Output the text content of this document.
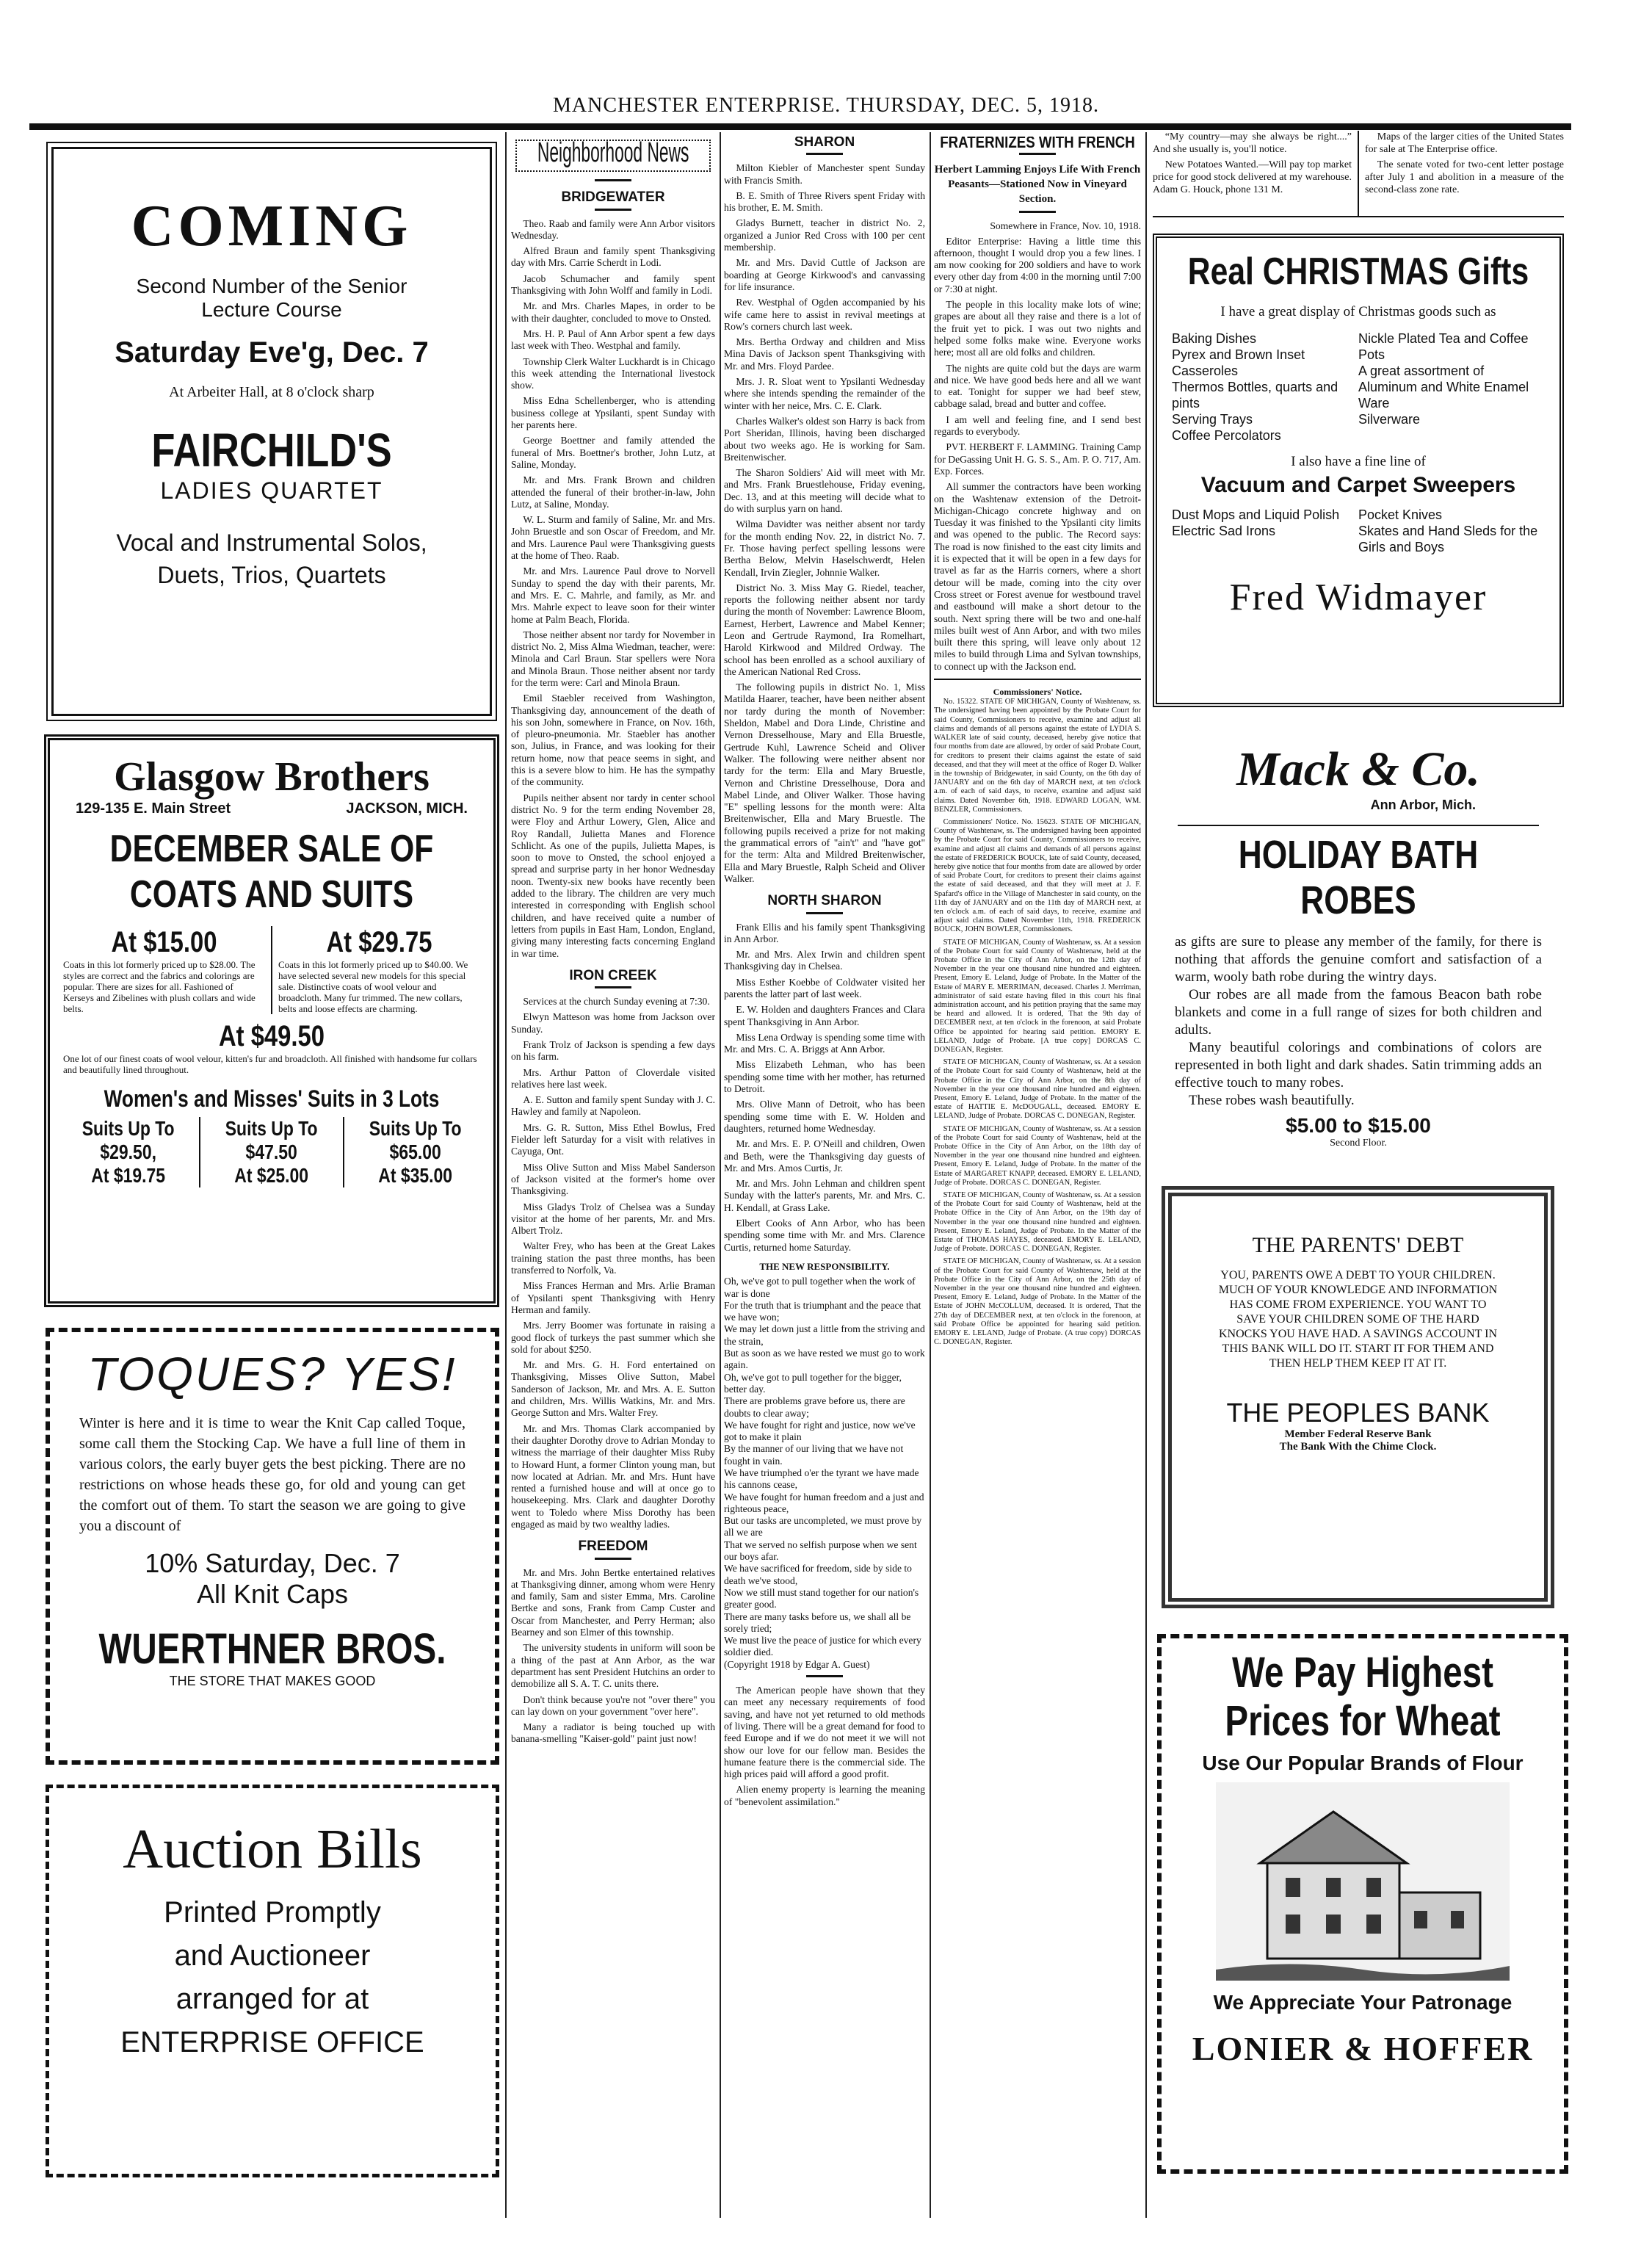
MANCHESTER ENTERPRISE. THURSDAY, DEC. 5, 1918.
COMING
Second Number of the Senior Lecture Course
Saturday Eve'g, Dec. 7
At Arbeiter Hall, at 8 o'clock sharp
FAIRCHILD'S
LADIES QUARTET
Vocal and Instrumental Solos, Duets, Trios, Quartets
Glasgow Brothers
129-135 E. Main Street	JACKSON, MICH.
DECEMBER SALE OF COATS AND SUITS
At $15.00
Coats in this lot formerly priced up to $28.00. The styles are correct and the fabrics and colorings are popular. There are sizes for all. Fashioned of Kerseys and Zibelines with plush collars and wide belts.
At $29.75
Coats in this lot formerly priced up to $40.00. We have selected several new models for this special sale. Distinctive coats of wool velour and broadcloth. Many fur trimmed. The new collars, belts and loose effects are charming.
At $49.50
One lot of our finest coats of wool velour, kitten's fur and broadcloth. All finished with handsome fur collars and beautifully lined throughout.
Women's and Misses' Suits in 3 Lots
Suits Up To
$29.50,
At $19.75
Suits Up To
$47.50
At $25.00
Suits Up To
$65.00
At $35.00
TOQUES? YES!
Winter is here and it is time to wear the Knit Cap called Toque, some call them the Stocking Cap. We have a full line of them in various colors, the early buyer gets the best picking. There are no restrictions on whose heads these go, for old and young can get the comfort out of them. To start the season we are going to give you a discount of
10% Saturday, Dec. 7
All Knit Caps
WUERTHNER BROS.
THE STORE THAT MAKES GOOD
Auction Bills
Printed Promptly
and Auctioneer
arranged for at
ENTERPRISE OFFICE
Neighborhood News
BRIDGEWATER

Theo. Raab and family were Ann Arbor visitors Wednesday.

Alfred Braun and family spent Thanksgiving day with Mrs. Carrie Scherdt in Lodi.

Jacob Schumacher and family spent Thanksgiving with John Wolff and family in Lodi.

Mr. and Mrs. Charles Mapes, in order to be with their daughter, concluded to move to Onsted.

Mrs. H. P. Paul of Ann Arbor spent a few days last week with Theo. Westphal and family.

Township Clerk Walter Luckhardt is in Chicago this week attending the International livestock show.

Miss Edna Schellenberger, who is attending business college at Ypsilanti, spent Sunday with her parents here.

George Boettner and family attended the funeral of Mrs. Boettner's brother, John Lutz, at Saline, Monday.

Mr. and Mrs. Frank Brown and children attended the funeral of their brother-in-law, John Lutz, at Saline, Monday.

W. L. Sturm and family of Saline, Mr. and Mrs. John Bruestle and son Oscar of Freedom, and Mr. and Mrs. Laurence Paul were Thanksgiving guests at the home of Theo. Raab.

Mr. and Mrs. Laurence Paul drove to Norvell Sunday to spend the day with their parents, Mr. and Mrs. E. C. Mahrle, and family, as Mr. and Mrs. Mahrle expect to leave soon for their winter home at Palm Beach, Florida.

Those neither absent nor tardy for November in district No. 2, Miss Alma Wiedman, teacher, were: Minola and Carl Braun. Star spellers were Nora and Minola Braun. Those neither absent nor tardy for the term were: Carl and Minola Braun.

Emil Staebler received from Washington, Thanksgiving day, announcement of the death of his son John, somewhere in France, on Nov. 16th, of pleuro-pneumonia. Mr. Staebler has another son, Julius, in France, and was looking for their return home, now that peace seems in sight, and this is a severe blow to him. He has the sympathy of the community.

Pupils neither absent nor tardy in center school district No. 9 for the term ending November 28, were Floy and Arthur Lowery, Glen, Alice and Roy Randall, Julietta Manes and Florence Schlicht. As one of the pupils, Julietta Mapes, is soon to move to Onsted, the school enjoyed a spread and surprise party in her honor Wednesday noon. Twenty-six new books have recently been added to the library. The children are very much interested in corresponding with English school children, and have received quite a number of letters from pupils in East Ham, London, England, giving many interesting facts concerning England in war time.

IRON CREEK

Services at the church Sunday evening at 7:30.

Elwyn Matteson was home from Jackson over Sunday.

Frank Trolz of Jackson is spending a few days on his farm.

Mrs. Arthur Patton of Cloverdale visited relatives here last week.

A. E. Sutton and family spent Sunday with J. C. Hawley and family at Napoleon.

Mrs. G. R. Sutton, Miss Ethel Bowlus, Fred Fielder left Saturday for a visit with relatives in Cayuga, Ont.

Miss Olive Sutton and Miss Mabel Sanderson of Jackson visited at the former's home over Thanksgiving.

Miss Gladys Trolz of Chelsea was a Sunday visitor at the home of her parents, Mr. and Mrs. Albert Trolz.

Walter Frey, who has been at the Great Lakes training station the past three months, has been transferred to Norfolk, Va.

Miss Frances Herman and Mrs. Arlie Braman of Ypsilanti spent Thanksgiving with Henry Herman and family.

Mrs. Jerry Boomer was fortunate in raising a good flock of turkeys the past summer which she sold for about $250.

Mr. and Mrs. G. H. Ford entertained on Thanksgiving, Misses Olive Sutton, Mabel Sanderson of Jackson, Mr. and Mrs. A. E. Sutton and children, Mrs. Willis Watkins, Mr. and Mrs. George Sutton and Mrs. Walter Frey.

Mr. and Mrs. Thomas Clark accompanied by their daughter Dorothy drove to Adrian Monday to witness the marriage of their daughter Miss Ruby to Howard Hunt, a former Clinton young man, but now located at Adrian. Mr. and Mrs. Hunt have rented a furnished house and will at once go to housekeeping. Mrs. Clark and daughter Dorothy went to Toledo where Miss Dorothy has been engaged as maid by two wealthy ladies.

FREEDOM

Mr. and Mrs. John Bertke entertained relatives at Thanksgiving dinner, among whom were Henry and family, Sam and sister Emma, Mrs. Caroline Bertke and sons, Frank from Camp Custer and Oscar from Manchester, and Perry Herman; also Bearney and son Elmer of this township.

The university students in uniform will soon be a thing of the past at Ann Arbor, as the war department has sent President Hutchins an order to demobilize all S. A. T. C. units there.

Don't think because you're not "over there" you can lay down on your government "over here".

Many a radiator is being touched up with banana-smelling "Kaiser-gold" paint just now!

SHARON

Milton Kiebler of Manchester spent Sunday with Francis Smith.

B. E. Smith of Three Rivers spent Friday with his brother, E. M. Smith.

Gladys Burnett, teacher in district No. 2, organized a Junior Red Cross with 100 per cent membership.

Mr. and Mrs. David Cuttle of Jackson are boarding at George Kirkwood's and canvassing for life insurance.

Rev. Westphal of Ogden accompanied by his wife came here to assist in revival meetings at Row's corners church last week.

Mrs. Bertha Ordway and children and Miss Mina Davis of Jackson spent Thanksgiving with Mr. and Mrs. Floyd Pardee.

Mrs. J. R. Sloat went to Ypsilanti Wednesday where she intends spending the remainder of the winter with her neice, Mrs. C. E. Clark.

Charles Walker's oldest son Harry is back from Port Sheridan, Illinois, having been discharged about two weeks ago. He is working for Sam. Breitenwischer.

The Sharon Soldiers' Aid will meet with Mr. and Mrs. Frank Bruestlehouse, Friday evening, Dec. 13, and at this meeting will decide what to do with surplus yarn on hand.

Wilma Davidter was neither absent nor tardy for the month ending Nov. 22, in district No. 7. Fr. Those having perfect spelling lessons were Bertha Below, Melvin Haselschwerdt, Helen Kendall, Irvin Ziegler, Johnnie Walker.

District No. 3. Miss May G. Riedel, teacher, reports the following neither absent nor tardy during the month of November: Lawrence Bloom, Earnest, Herbert, Lawrence and Mabel Kenner; Leon and Gertrude Raymond, Ira Romelhart, Harold Kirkwood and Mildred Ordway. The school has been enrolled as a school auxiliary of the American National Red Cross.

The following pupils in district No. 1, Miss Matilda Haarer, teacher, have been neither absent nor tardy during the month of November: Sheldon, Mabel and Dora Linde, Christine and Vernon Dresselhouse, Mary and Ella Bruestle, Gertrude Kuhl, Lawrence Scheid and Oliver Walker. The following were neither absent nor tardy for the term: Ella and Mary Bruestle, Vernon and Christine Dresselhouse, Dora and Mabel Linde, and Oliver Walker. Those having "E" spelling lessons for the month were: Alta Breitenwischer, Ella and Mary Bruestle. The following pupils received a prize for not making the grammatical errors of "ain't" and "have got" for the term: Alta and Mildred Breitenwischer, Ella and Mary Bruestle, Ralph Scheid and Oliver Walker.

NORTH SHARON

Frank Ellis and his family spent Thanksgiving in Ann Arbor.

Mr. and Mrs. Alex Irwin and children spent Thanksgiving day in Chelsea.

Miss Esther Koebbe of Coldwater visited her parents the latter part of last week.

E. W. Holden and daughters Frances and Clara spent Thanksgiving in Ann Arbor.

Miss Lena Ordway is spending some time with Mr. and Mrs. C. A. Briggs at Ann Arbor.

Miss Elizabeth Lehman, who has been spending some time with her mother, has returned to Detroit.

Mrs. Olive Mann of Detroit, who has been spending some time with E. W. Holden and daughters, returned home Wednesday.

Mr. and Mrs. E. P. O'Neill and children, Owen and Beth, were the Thanksgiving day guests of Mr. and Mrs. Amos Curtis, Jr.

Mr. and Mrs. John Lehman and children spent Sunday with the latter's parents, Mr. and Mrs. C. H. Kendall, at Grass Lake.

Elbert Cooks of Ann Arbor, who has been spending some time with Mr. and Mrs. Clarence Curtis, returned home Saturday.

THE NEW RESPONSIBILITY.
Oh, we've got to pull together when the work of war is done
For the truth that is triumphant and the peace that we have won;
We may let down just a little from the striving and the strain,
But as soon as we have rested we must go to work again.
Oh, we've got to pull together for the bigger, better day.
There are problems grave before us, there are doubts to clear away;
We have fought for right and justice, now we've got to make it plain
By the manner of our living that we have not fought in vain.
We have triumphed o'er the tyrant we have made his cannons cease,
We have fought for human freedom and a just and righteous peace,
But our tasks are uncompleted, we must prove by all we are
That we served no selfish purpose when we sent our boys afar.
We have sacrificed for freedom, side by side to death we've stood,
Now we still must stand together for our nation's greater good.
There are many tasks before us, we shall all be sorely tried;
We must live the peace of justice for which every soldier died.
(Copyright 1918 by Edgar A. Guest)

The American people have shown that they can meet any necessary requirements of food saving, and have not yet returned to old methods of living. There will be a great demand for food to feed Europe and if we do not meet it we will not show our love for our fellow man. Besides the humane feature there is the commercial side. The high prices paid will afford a good profit.

Alien enemy property is learning the meaning of "benevolent assimilation."

FRATERNIZES WITH FRENCH
Herbert Lamming Enjoys Life With French Peasants—Stationed Now in Vineyard Section.
Somewhere in France, Nov. 10, 1918.

Editor Enterprise: Having a little time this afternoon, thought I would drop you a few lines. I am now cooking for 200 soldiers and have to work every other day from 4:00 in the morning until 7:00 or 7:30 at night.

The people in this locality make lots of wine; grapes are about all they raise and there is a lot of the fruit yet to pick. I was out two nights and helped some folks make wine. Everyone works here; most all are old folks and children.

The nights are quite cold but the days are warm and nice. We have good beds here and all we want to eat. Tonight for supper we had beef stew, cabbage salad, bread and butter and coffee.

I am well and feeling fine, and I send best regards to everybody.

PVT. HERBERT F. LAMMING. Training Camp for DeGassing Unit H. G. S. S., Am. P. O. 717, Am. Exp. Forces.

All summer the contractors have been working on the Washtenaw extension of the Detroit-Michigan-Chicago concrete highway and on Tuesday it was finished to the Ypsilanti city limits and was opened to the public. The Record says: The road is now finished to the east city limits and it is expected that it will be open in a few days for travel as far as the Harris corners, where a short detour will be made, coming into the city over Cross street or Forest avenue for westbound travel and eastbound will make a short detour to the south. Next spring there will be two and one-half miles built west of Ann Arbor, and with two miles built there this spring, will leave only about 12 miles to build through Lima and Sylvan townships, to connect up with the Jackson end.

Commissioners' Notice.

No. 15322. STATE OF MICHIGAN, County of Washtenaw, ss. The undersigned having been appointed by the Probate Court for said County, Commissioners to receive, examine and adjust all claims and demands of all persons against the estate of LYDIA S. WALKER late of said county, deceased, hereby give notice that four months from date are allowed, by order of said Probate Court, for creditors to present their claims against the estate of said deceased, and that they will meet at the office of Roger D. Walker in the township of Bridgewater, in said County, on the 6th day of JANUARY and on the 6th day of MARCH next, at ten o'clock a.m. of each of said days, to receive, examine and adjust said claims. Dated November 6th, 1918. EDWARD LOGAN, WM. BENZLER, Commissioners.

Commissioners' Notice. No. 15623. STATE OF MICHIGAN, County of Washtenaw, ss. The undersigned having been appointed by the Probate Court for said County, Commissioners to receive, examine and adjust all claims and demands of all persons against the estate of FREDERICK BOUCK, late of said County, deceased, hereby give notice that four months from date are allowed by order of said Probate Court, for creditors to present their claims against the estate of said deceased, and that they will meet at J. F. Spafard's office in the Village of Manchester in said county, on the 11th day of JANUARY and on the 11th day of MARCH next, at ten o'clock a.m. of each of said days, to receive, examine and adjust said claims. Dated November 11th, 1918. FREDERICK BOUCK, JOHN BOWLER, Commissioners.

STATE OF MICHIGAN, County of Washtenaw, ss. At a session of the Probate Court for said County of Washtenaw, held at the Probate Office in the City of Ann Arbor, on the 12th day of November in the year one thousand nine hundred and eighteen. Present, Emory E. Leland, Judge of Probate. In the Matter of the Estate of MARY E. MERRIMAN, deceased. Charles J. Merriman, administrator of said estate having filed in this court his final administration account, and his petition praying that the same may be heard and allowed. It is ordered, That the 9th day of DECEMBER next, at ten o'clock in the forenoon, at said Probate Office be appointed for hearing said petition. EMORY E. LELAND, Judge of Probate. [A true copy] DORCAS C. DONEGAN, Register.

STATE OF MICHIGAN, County of Washtenaw, ss. At a session of the Probate Court for said County of Washtenaw, held at the Probate Office in the City of Ann Arbor, on the 8th day of November in the year one thousand nine hundred and eighteen. Present, Emory E. Leland, Judge of Probate. In the matter of the estate of HATTIE E. McDOUGALL, deceased. EMORY E. LELAND, Judge of Probate. DORCAS C. DONEGAN, Register.

STATE OF MICHIGAN, County of Washtenaw, ss. At a session of the Probate Court for said County of Washtenaw, held at the Probate Office in the City of Ann Arbor, on the 18th day of November in the year one thousand nine hundred and eighteen. Present, Emory E. Leland, Judge of Probate. In the matter of the Estate of MARGARET KNAPP, deceased. EMORY E. LELAND, Judge of Probate. DORCAS C. DONEGAN, Register.

STATE OF MICHIGAN, County of Washtenaw, ss. At a session of the Probate Court for said County of Washtenaw, held at the Probate Office in the City of Ann Arbor, on the 19th day of November in the year one thousand nine hundred and eighteen. Present, Emory E. Leland, Judge of Probate. In the Matter of the Estate of THOMAS HAYES, deceased. EMORY E. LELAND, Judge of Probate. DORCAS C. DONEGAN, Register.

STATE OF MICHIGAN, County of Washtenaw, ss. At a session of the Probate Court for said County of Washtenaw, held at the Probate Office in the City of Ann Arbor, on the 25th day of November in the year one thousand nine hundred and eighteen. Present, Emory E. Leland, Judge of Probate. In the Matter of the Estate of JOHN McCOLLUM, deceased. It is ordered, That the 27th day of DECEMBER next, at ten o'clock in the forenoon, at said Probate Office be appointed for hearing said petition. EMORY E. LELAND, Judge of Probate. (A true copy) DORCAS C. DONEGAN, Register.

“My country—may she always be right....” And she usually is, you'll notice.

New Potatoes Wanted.—Will pay top market price for good stock delivered at my warehouse. Adam G. Houck, phone 131 M.

Maps of the larger cities of the United States for sale at The Enterprise office.

The senate voted for two-cent letter postage after July 1 and abolition in a measure of the second-class zone rate.

Real CHRISTMAS Gifts
I have a great display of Christmas goods such as
Baking Dishes
Pyrex and Brown Inset Casseroles
Thermos Bottles, quarts and pints
Serving Trays
Coffee Percolators
Nickle Plated Tea and Coffee Pots
A great assortment of Aluminum and White Enamel Ware
Silverware
I also have a fine line of
Vacuum and Carpet Sweepers
Dust Mops and Liquid Polish
Electric Sad Irons
Pocket Knives
Skates and Hand Sleds for the Girls and Boys
Fred Widmayer
Mack & Co.
Ann Arbor, Mich.
HOLIDAY BATH ROBES

as gifts are sure to please any member of the family, for there is nothing that affords the genuine comfort and satisfaction of a warm, wooly bath robe during the wintry days.

Our robes are all made from the famous Beacon bath robe blankets and come in a full range of sizes for both children and adults.

Many beautiful colorings and combinations of colors are represented in both light and dark shades. Satin trimming adds an effective touch to many robes.

These robes wash beautifully.

$5.00 to $15.00
Second Floor.
THE PARENTS' DEBT
YOU, PARENTS OWE A DEBT TO YOUR CHILDREN. MUCH OF YOUR KNOWLEDGE AND INFORMATION HAS COME FROM EXPERIENCE. YOU WANT TO SAVE YOUR CHILDREN SOME OF THE HARD KNOCKS YOU HAVE HAD. A SAVINGS ACCOUNT IN THIS BANK WILL DO IT. START IT FOR THEM AND THEN HELP THEM KEEP IT AT IT.
THE PEOPLES BANK
Member Federal Reserve Bank
The Bank With the Chime Clock.
We Pay Highest Prices for Wheat
Use Our Popular Brands of Flour
We Appreciate Your Patronage
LONIER & HOFFER
